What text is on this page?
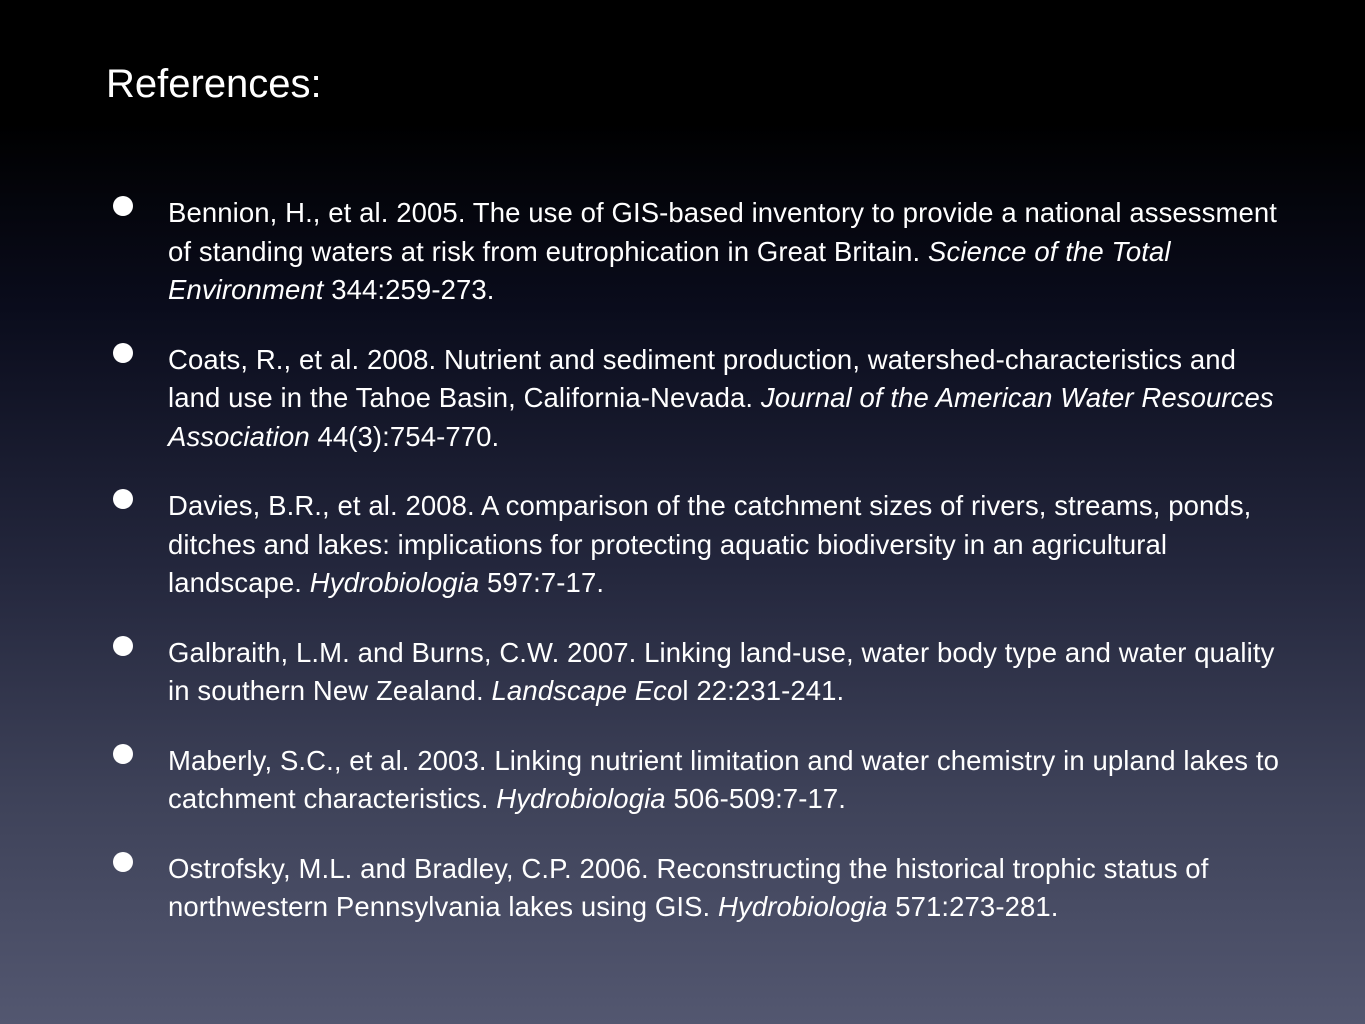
References:
Bennion, H., et al. 2005. The use of GIS-based inventory to provide a national assessment of standing waters at risk from eutrophication in Great Britain. Science of the Total Environment 344:259-273.
Coats, R., et al. 2008. Nutrient and sediment production, watershed-characteristics and land use in the Tahoe Basin, California-Nevada. Journal of the American Water Resources Association 44(3):754-770.
Davies, B.R., et al. 2008. A comparison of the catchment sizes of rivers, streams, ponds, ditches and lakes: implications for protecting aquatic biodiversity in an agricultural landscape. Hydrobiologia 597:7-17.
Galbraith, L.M. and Burns, C.W. 2007. Linking land-use, water body type and water quality in southern New Zealand. Landscape Ecol 22:231-241.
Maberly, S.C., et al. 2003. Linking nutrient limitation and water chemistry in upland lakes to catchment characteristics. Hydrobiologia 506-509:7-17.
Ostrofsky, M.L. and Bradley, C.P. 2006. Reconstructing the historical trophic status of northwestern Pennsylvania lakes using GIS. Hydrobiologia 571:273-281.
